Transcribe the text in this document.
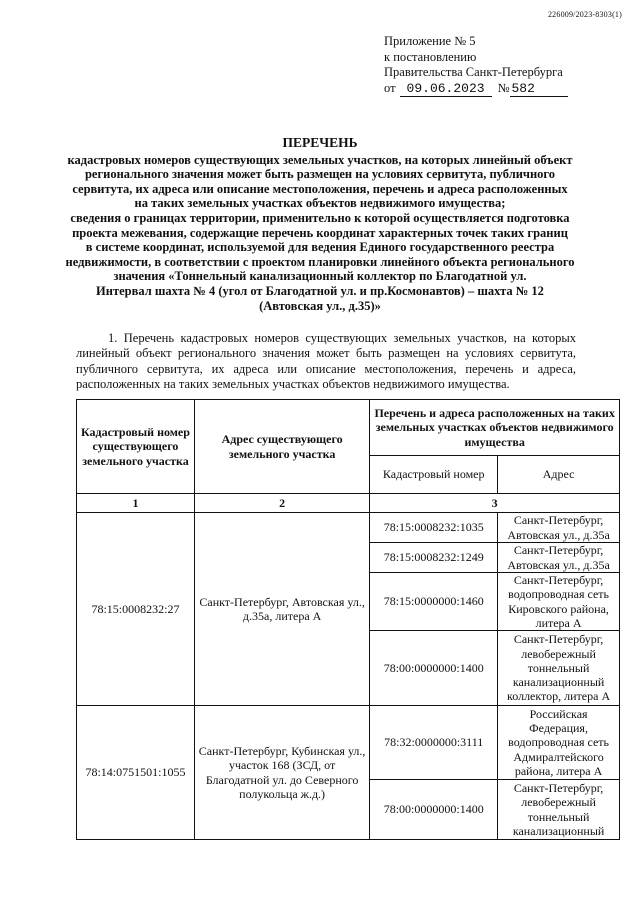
226009/2023-8303(1)
Приложение № 5
к постановлению
Правительства Санкт-Петербурга
от 09.06.2023	№ 582
ПЕРЕЧЕНЬ
кадастровых номеров существующих земельных участков, на которых линейный объект
регионального значения может быть размещен на условиях сервитута, публичного
сервитута, их адреса или описание местоположения, перечень и адреса расположенных
на таких земельных участках объектов недвижимого имущества;
сведения о границах территории, применительно к которой осуществляется подготовка
проекта межевания, содержащие перечень координат характерных точек таких границ
в системе координат, используемой для ведения Единого государственного реестра
недвижимости, в соответствии с проектом планировки линейного объекта регионального
значения «Тоннельный канализационный коллектор по Благодатной ул.
Интервал шахта № 4 (угол от Благодатной ул. и пр.Космонавтов) – шахта № 12
(Автовская ул., д.35)»
1. Перечень кадастровых номеров существующих земельных участков, на которых линейный объект регионального значения может быть размещен на условиях сервитута, публичного сервитута, их адреса или описание местоположения, перечень и адреса, расположенных на таких земельных участках объектов недвижимого имущества.
Кадастровый номер существующего земельного участка	Адрес существующего земельного участка	Перечень и адреса расположенных на таких земельных участках объектов недвижимого имущества	
		Кадастровый номер	Адрес
1	2	3	
78:15:0008232:27	Санкт-Петербург, Автовская ул., д.35а, литера А	78:15:0008232:1035	Санкт-Петербург, Автовская ул., д.35а
		78:15:0008232:1249	Санкт-Петербург, Автовская ул., д.35а
		78:15:0000000:1460	Санкт-Петербург, водопроводная сеть Кировского района, литера А
		78:00:0000000:1400	Санкт-Петербург, левобережный тоннельный канализационный коллектор, литера А
78:14:0751501:1055	Санкт-Петербург, Кубинская ул., участок 168 (ЗСД, от Благодатной ул. до Северного полукольца ж.д.)	78:32:0000000:3111	Российская Федерация, водопроводная сеть Адмиралтейского района, литера А
		78:00:0000000:1400	Санкт-Петербург, левобережный тоннельный канализационный
